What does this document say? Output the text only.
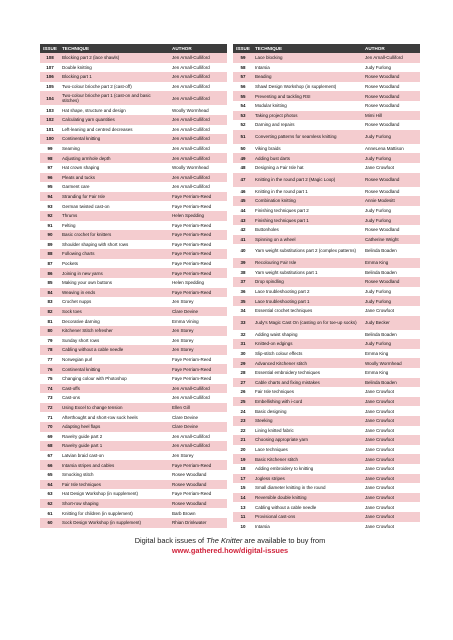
ISSUE	TECHNIQUE	AUTHOR
108	Blocking part 2 (lace shawls)	Jen Arnall-Culliford
107	Double knitting	Jen Arnall-Culliford
106	Blocking part 1	Jen Arnall-Culliford
105	Two-colour brioche part 2 (cast-off)	Jen Arnall-Culliford
104	Two-colour brioche part 1 (cast-on and basic stitches)	Jen Arnall-Culliford
103	Hat shape, structure and design	Woolly Wormhead
102	Calculating yarn quantities	Jen Arnall-Culliford
101	Left-leaning and centred decreases	Jen Arnall-Culliford
100	Continental knitting	Jen Arnall-Culliford
99	Seaming	Jen Arnall-Culliford
98	Adjusting armhole depth	Jen Arnall-Culliford
97	Hat crown shaping	Woolly Wormhead
96	Pleats and tucks	Jen Arnall-Culliford
95	Garment care	Jen Arnall-Culliford
94	Stranding for Fair Isle	Faye Perriam-Reed
93	German twisted cast-on	Faye Perriam-Reed
92	Thrums	Helen Spedding
91	Felting	Faye Perriam-Reed
90	Basic crochet for knitters	Faye Perriam-Reed
89	Shoulder shaping with short rows	Faye Perriam-Reed
88	Following charts	Faye Perriam-Reed
87	Pockets	Faye Perriam-Reed
86	Joining in new yarns	Faye Perriam-Reed
85	Making your own buttons	Helen Spedding
84	Weaving in ends	Faye Perriam-Reed
83	Crochet nupps	Jen Storey
82	Sock toes	Clare Devine
81	Decorative darning	Emma Vining
80	Kitchener Stitch refresher	Jen Storey
79	Sunday short rows	Jen Storey
78	Cabling without a cable needle	Jen Storey
77	Norwegian purl	Faye Perriam-Reed
76	Continental knitting	Faye Perriam-Reed
75	Changing colour with Photoshop	Faye Perriam-Reed
74	Cast-offs	Jen Arnall-Culliford
73	Cast-ons	Jen Arnall-Culliford
72	Using Excel to change tension	Ellen Gill
71	Afterthought and short-row sock heels	Clare Devine
70	Adapting heel flaps	Clare Devine
69	Ravelry guide part 2	Jen Arnall-Culliford
68	Ravelry guide part 1	Jen Arnall-Culliford
67	Latvian braid cast-on	Jen Storey
66	Intarsia stripes and cables	Faye Perriam-Reed
65	Smocking stitch	Rosee Woodland
64	Fair Isle techniques	Rosee Woodland
63	Hat Design Workshop (in supplement)	Faye Perriam-Reed
62	Short-row shaping	Rosee Woodland
61	Knitting for children (in supplement)	Barb Brown
60	Sock Design Workshop (in supplement)	Rhian Drinkwater
ISSUE	TECHNIQUE	AUTHOR
59	Lace blocking	Jen Arnall-Culliford
58	Intarsia	Judy Furlong
57	Beading	Rosee Woodland
56	Shawl Design Workshop (in supplement)	Rosee Woodland
55	Preventing and tackling RSI	Rosee Woodland
54	Modular knitting	Rosee Woodland
53	Taking project photos	Mimi Hill
52	Darning and repairs	Rosee Woodland
51	Converting patterns for seamless knitting	Judy Furlong
50	Viking braids	AnneLena Mattison
49	Adding bust darts	Judy Furlong
48	Designing a Fair Isle hat	Jane Crowfoot
47	Knitting in the round part 2 (Magic Loop)	Rosee Woodland
46	Knitting in the round part 1	Rosee Woodland
45	Combination knitting	Annie Modesitt
44	Finishing techniques part 2	Judy Furlong
43	Finishing techniques part 1	Judy Furlong
42	Buttonholes	Rosee Woodland
41	Spinning on a wheel	Catherine Wright
40	Yarn weight substitutions part 2 (complex patterns)	Belinda Boaden
39	Recolouring Fair Isle	Emma King
38	Yarn weight substitutions part 1	Belinda Boaden
37	Drop spindling	Rosee Woodland
36	Lace troubleshooting part 2	Judy Furlong
35	Lace troubleshooting part 1	Judy Furlong
34	Essential crochet techniques	Jane Crowfoot
33	Judy's Magic Cast On (casting on for toe-up socks)	Judy Becker
32	Adding waist shaping	Belinda Boaden
31	Knitted-on edgings	Judy Furlong
30	Slip-stitch colour effects	Emma King
29	Advanced Kitchener stitch	Woolly Wormhead
28	Essential embroidery techniques	Emma King
27	Cable charts and fixing mistakes	Belinda Boaden
26	Fair Isle techniques	Jane Crowfoot
25	Embellishing with i-cord	Jane Crowfoot
24	Basic designing	Jane Crowfoot
23	Steeking	Jane Crowfoot
22	Lining knitted fabric	Jane Crowfoot
21	Choosing appropriate yarn	Jane Crowfoot
20	Lace techniques	Jane Crowfoot
19	Basic Kitchener stitch	Jane Crowfoot
18	Adding embroidery to knitting	Jane Crowfoot
17	Jogless stripes	Jane Crowfoot
15	Small diameter knitting in the round	Jane Crowfoot
14	Reversible double knitting	Jane Crowfoot
13	Cabling without a cable needle	Jane Crowfoot
11	Provisional cast-ons	Jane Crowfoot
10	Intarsia	Jane Crowfoot
Digital back issues of The Knitter are available to buy from
www.gathered.how/digital-issues
